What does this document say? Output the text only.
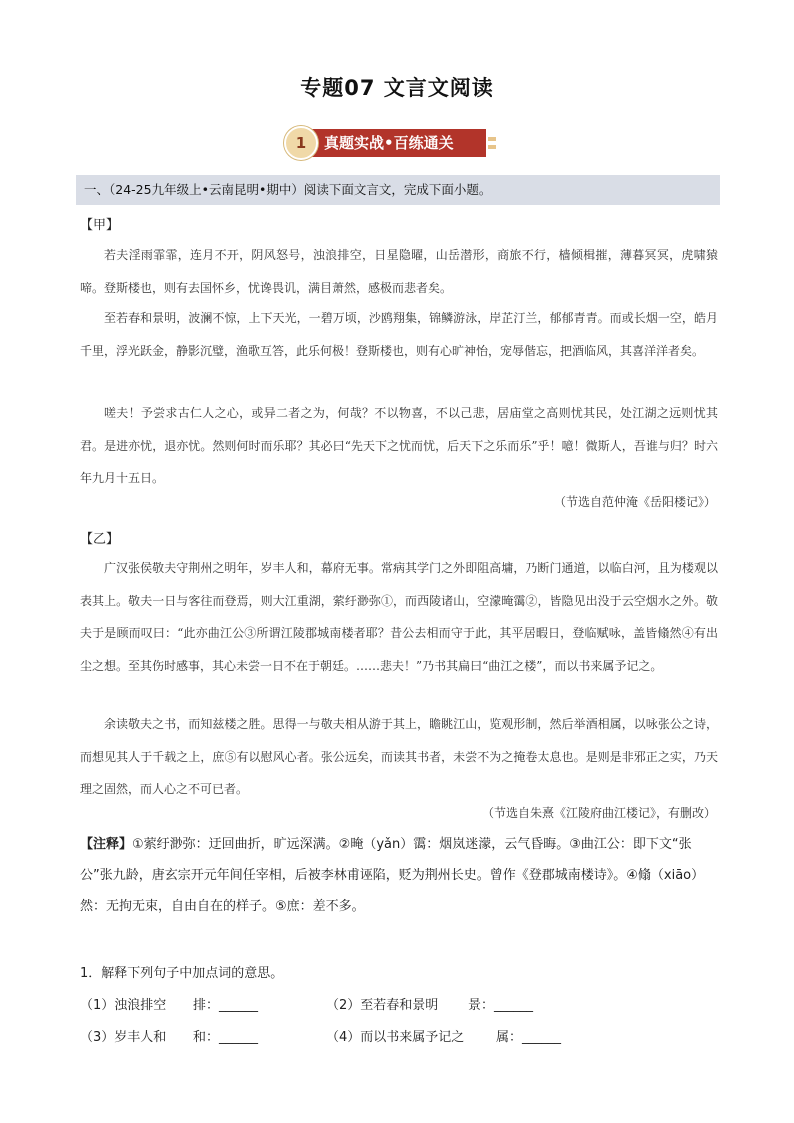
专题07 文言文阅读
1	真题实战•百练通关
一、（24-25九年级上•云南昆明•期中）阅读下面文言文，完成下面小题。
【甲】
若夫淫雨霏霏，连月不开，阴风怒号，浊浪排空，日星隐曜，山岳潜形，商旅不行，樯倾楫摧，薄暮冥冥，虎啸猿啼。登斯楼也，则有去国怀乡，忧谗畏讥，满目萧然，感极而悲者矣。
至若春和景明，波澜不惊，上下天光，一碧万顷，沙鸥翔集，锦鳞游泳，岸芷汀兰，郁郁青青。而或长烟一空，皓月千里，浮光跃金，静影沉璧，渔歌互答，此乐何极！登斯楼也，则有心旷神怡，宠辱偕忘，把酒临风，其喜洋洋者矣。
嗟夫！予尝求古仁人之心，或异二者之为，何哉？不以物喜，不以己悲，居庙堂之高则忧其民，处江湖之远则忧其君。是进亦忧，退亦忧。然则何时而乐耶？其必曰“先天下之忧而忧，后天下之乐而乐”乎！噫！微斯人，吾谁与归？时六年九月十五日。
（节选自范仲淹《岳阳楼记》）
【乙】
广汉张侯敬夫守荆州之明年，岁丰人和，幕府无事。常病其学门之外即阻高墉，乃断门通道，以临白河，且为楼观以表其上。敬夫一日与客往而登焉，则大江重湖，萦纡渺弥①，而西陵诸山，空濛晻霭②，皆隐见出没于云空烟水之外。敬夫于是顾而叹曰：“此亦曲江公③所谓江陵郡城南楼者耶？昔公去相而守于此，其平居暇日，登临赋咏，盖皆翛然④有出尘之想。至其伤时感事，其心未尝一日不在于朝廷。……悲夫！”乃书其扁曰“曲江之楼”，而以书来属予记之。
余读敬夫之书，而知兹楼之胜。思得一与敬夫相从游于其上，瞻眺江山，览观形制，然后举酒相属，以咏张公之诗，而想见其人于千载之上，庶⑤有以慰风心者。张公远矣，而读其书者，未尝不为之掩卷太息也。是则是非邪正之实，乃天理之固然，而人心之不可已者。
（节选自朱熹《江陵府曲江楼记》，有删改）
【注释】①萦纡渺弥：迂回曲折，旷远深满。②晻（yǎn）霭：烟岚迷濛，云气昏晦。③曲江公：即下文“张公”张九龄，唐玄宗开元年间任宰相，后被李林甫诬陷，贬为荆州长史。曾作《登郡城南楼诗》。④翛（xiāo）然：无拘无束，自由自在的样子。⑤庶：差不多。
1．解释下列句子中加点词的意思。
（1）浊浪排空 排：______	（2）至若春和景明 景：______
（3）岁丰人和 和：______	（4）而以书来属予记之 属：______
